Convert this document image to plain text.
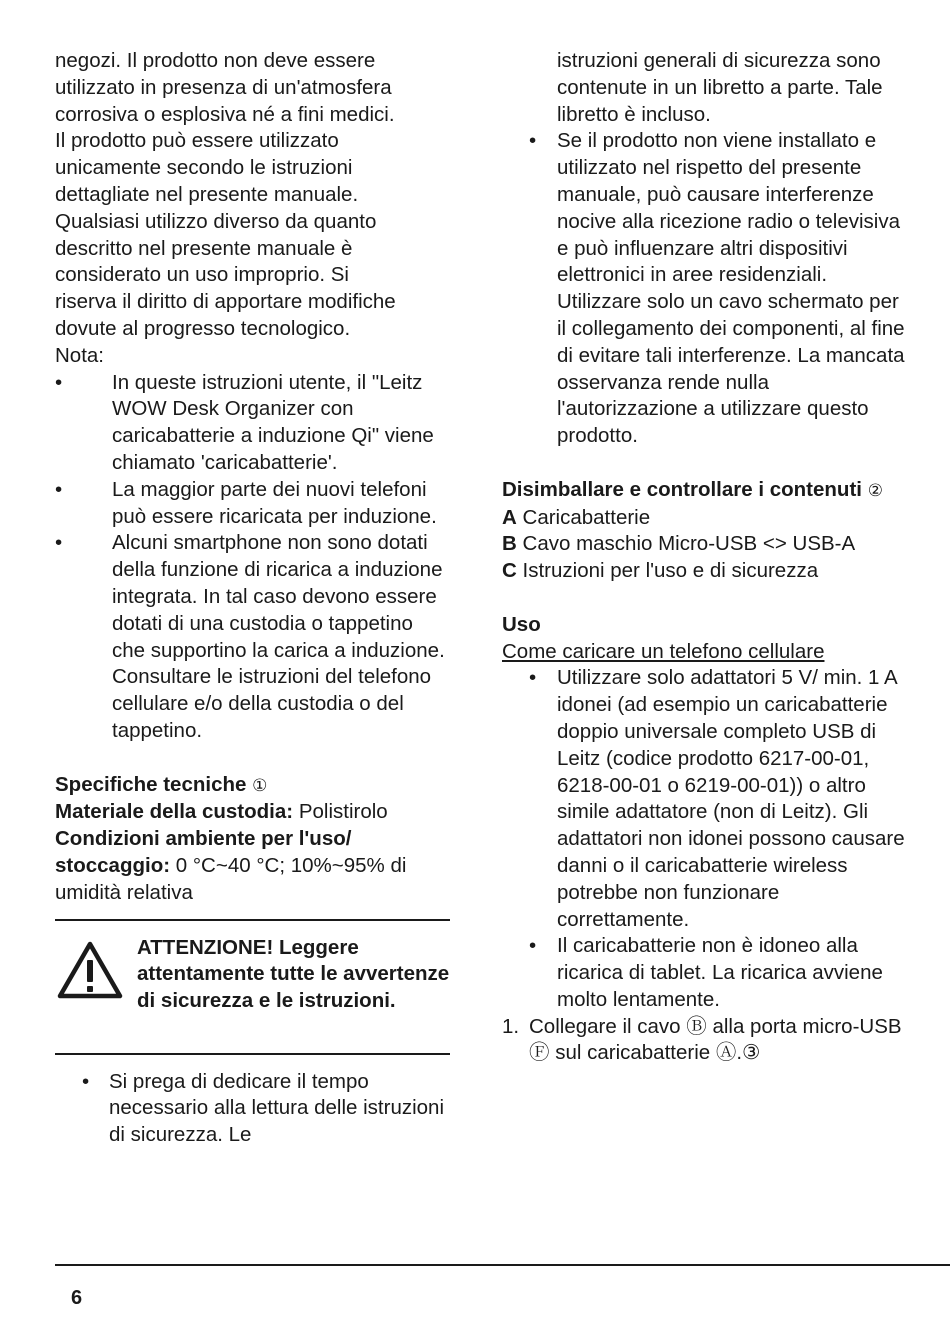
negozi. Il prodotto non deve essere
utilizzato in presenza di un'atmosfera
corrosiva o esplosiva né a fini medici.
Il prodotto può essere utilizzato
unicamente secondo le istruzioni
dettagliate nel presente manuale.
Qualsiasi utilizzo diverso da quanto
descritto nel presente manuale è
considerato un uso improprio. Si
riserva il diritto di apportare modifiche
dovute al progresso tecnologico.

Nota:

• In queste istruzioni utente, il "Leitz WOW Desk Organizer con caricabatterie a induzione Qi" viene chiamato 'caricabatterie'.
• La maggior parte dei nuovi telefoni può essere ricaricata per induzione.
• Alcuni smartphone non sono dotati della funzione di ricarica a induzione integrata. In tal caso devono essere dotati di una custodia o tappetino che supportino la carica a induzione. Consultare le istruzioni del telefono cellulare e/o della custodia o del tappetino.

Specifiche tecniche ①

Materiale della custodia: Polistirolo

Condizioni ambiente per l'uso/ stoccaggio: 0 °C~40 °C; 10%~95% di umidità relativa

ATTENZIONE! Leggere attentamente tutte le avvertenze di sicurezza e le istruzioni.

• Si prega di dedicare il tempo necessario alla lettura delle istruzioni di sicurezza. Le

istruzioni generali di sicurezza sono contenute in un libretto a parte. Tale libretto è incluso.

• Se il prodotto non viene installato e utilizzato nel rispetto del presente manuale, può causare interferenze nocive alla ricezione radio o televisiva e può influenzare altri dispositivi elettronici in aree residenziali. Utilizzare solo un cavo schermato per il collegamento dei componenti, al fine di evitare tali interferenze. La mancata osservanza rende nulla l'autorizzazione a utilizzare questo prodotto.

Disimballare e controllare i contenuti ②

A Caricabatterie

B Cavo maschio Micro-USB <> USB-A

C Istruzioni per l'uso e di sicurezza

Uso

Come caricare un telefono cellulare

• Utilizzare solo adattatori 5 V/ min. 1 A idonei (ad esempio un caricabatterie doppio universale completo USB di Leitz (codice prodotto 6217-00-01, 6218-00-01 o 6219-00-01)) o altro simile adattatore (non di Leitz). Gli adattatori non idonei possono causare danni o il caricabatterie wireless potrebbe non funzionare correttamente.
• Il caricabatterie non è idoneo alla ricarica di tablet. La ricarica avviene molto lentamente.
1. Collegare il cavo Ⓑ alla porta micro-USB Ⓕ sul caricabatterie Ⓐ.③
6
